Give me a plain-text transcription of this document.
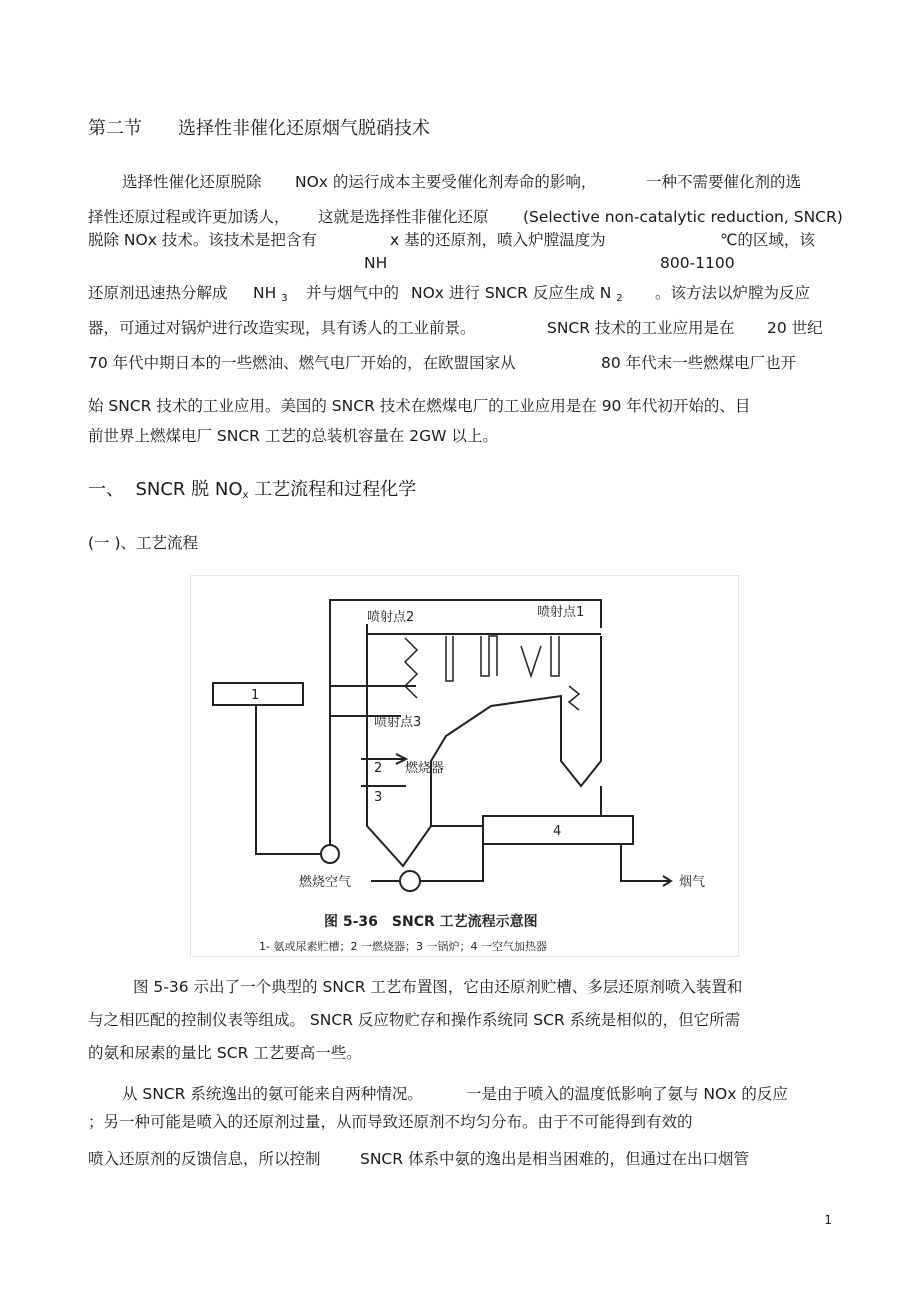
第二节 选择性非催化还原烟气脱硝技术
选择性催化还原脱除 NOx 的运行成本主要受催化剂寿命的影响，	一种不需要催化剂的选
择性还原过程或许更加诱人， 这就是选择性非催化还原 (Selective non-catalytic reduction, SNCR)
脱除 NOx 技术。该技术是把含有	x 基的还原剂，喷入炉膛温度为	℃的区域，该
NH	800-1100
还原剂迅速热分解成 NH 3 并与烟气中的 NOx 进行 SNCR 反应生成 N 2 。该方法以炉膛为反应
器，可通过对锅炉进行改造实现，具有诱人的工业前景。	SNCR 技术的工业应用是在 20 世纪
70 年代中期日本的一些燃油、燃气电厂开始的，在欧盟国家从	80 年代末一些燃煤电厂也开
始 SNCR 技术的工业应用。美国的 SNCR 技术在燃煤电厂的工业应用是在 90 年代初开始的、目
前世界上燃煤电厂 SNCR 工艺的总装机容量在 2GW 以上。
一、 SNCR 脱 NOx 工艺流程和过程化学
(一 )、工艺流程
1
4
喷射点2	喷射点1
喷射点3
2 燃烧器
3
燃烧空气	烟气
图 5-36　SNCR 工艺流程示意图
1- 氨或尿素贮槽；2 一燃烧器；3 一锅炉；4 一空气加热器
图 5-36 示出了一个典型的 SNCR 工艺布置图，它由还原剂贮槽、多层还原剂喷入装置和
与之相匹配的控制仪表等组成。 SNCR 反应物贮存和操作系统同 SCR 系统是相似的，但它所需
的氨和尿素的量比 SCR 工艺要高一些。
从 SNCR 系统逸出的氨可能来自两种情况。	一是由于喷入的温度低影响了氨与 NOx 的反应
；另一种可能是喷入的还原剂过量，从而导致还原剂不均匀分布。由于不可能得到有效的
喷入还原剂的反馈信息，所以控制	SNCR 体系中氨的逸出是相当困难的，但通过在出口烟管
1
